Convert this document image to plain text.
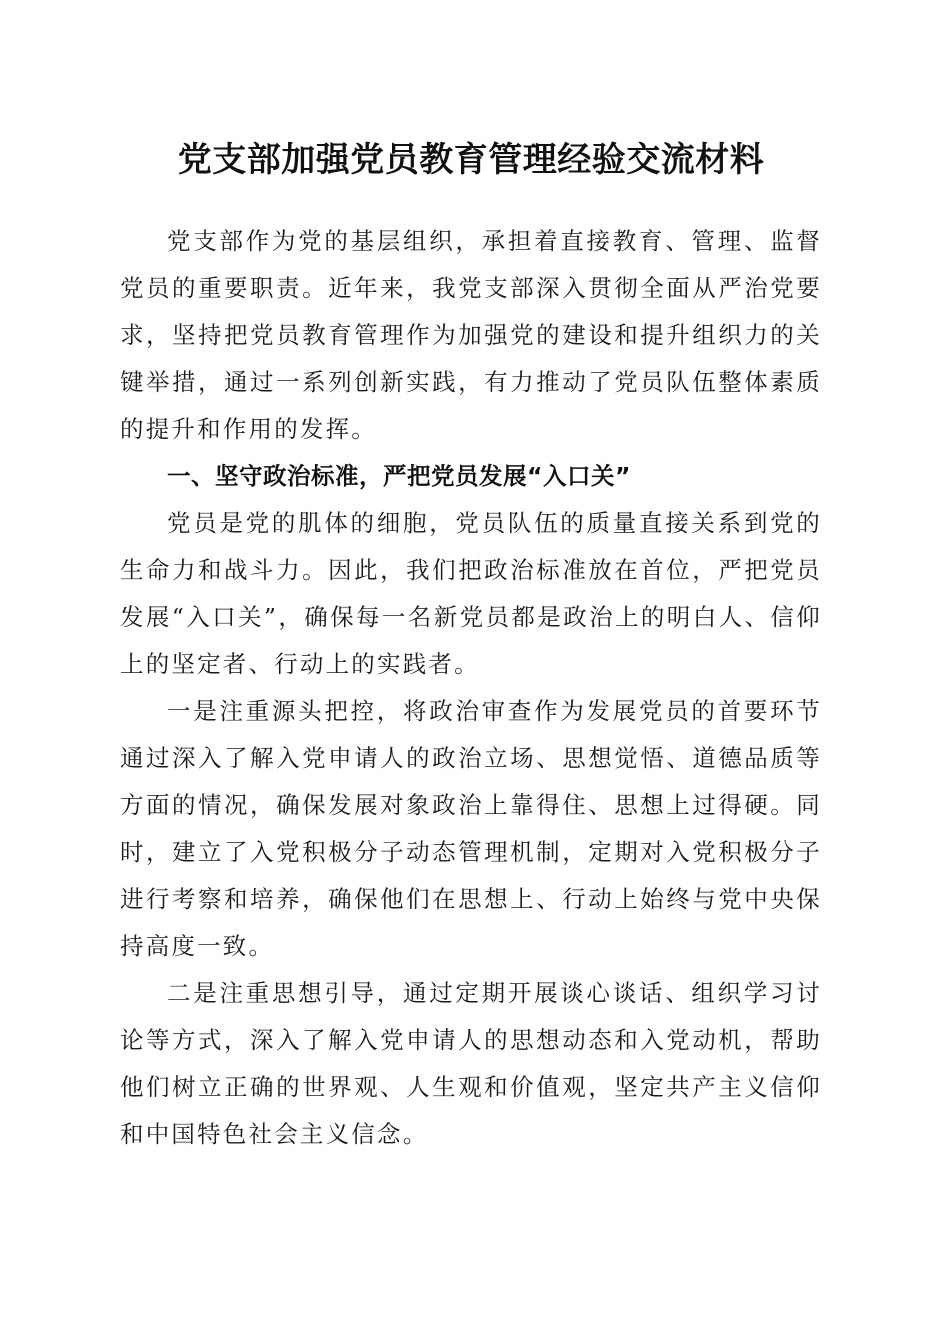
党支部加强党员教育管理经验交流材料

党支部作为党的基层组织，承担着直接教育、管理、监督党员的重要职责。近年来，我党支部深入贯彻全面从严治党要求，坚持把党员教育管理作为加强党的建设和提升组织力的关键举措，通过一系列创新实践，有力推动了党员队伍整体素质的提升和作用的发挥。

一、坚守政治标准，严把党员发展“入口关”

党员是党的肌体的细胞，党员队伍的质量直接关系到党的生命力和战斗力。因此，我们把政治标准放在首位，严把党员发展“入口关”，确保每一名新党员都是政治上的明白人、信仰上的坚定者、行动上的实践者。

一是注重源头把控，将政治审查作为发展党员的首要环节通过深入了解入党申请人的政治立场、思想觉悟、道德品质等方面的情况，确保发展对象政治上靠得住、思想上过得硬。同时，建立了入党积极分子动态管理机制，定期对入党积极分子进行考察和培养，确保他们在思想上、行动上始终与党中央保持高度一致。

二是注重思想引导，通过定期开展谈心谈话、组织学习讨论等方式，深入了解入党申请人的思想动态和入党动机，帮助他们树立正确的世界观、人生观和价值观，坚定共产主义信仰和中国特色社会主义信念。
